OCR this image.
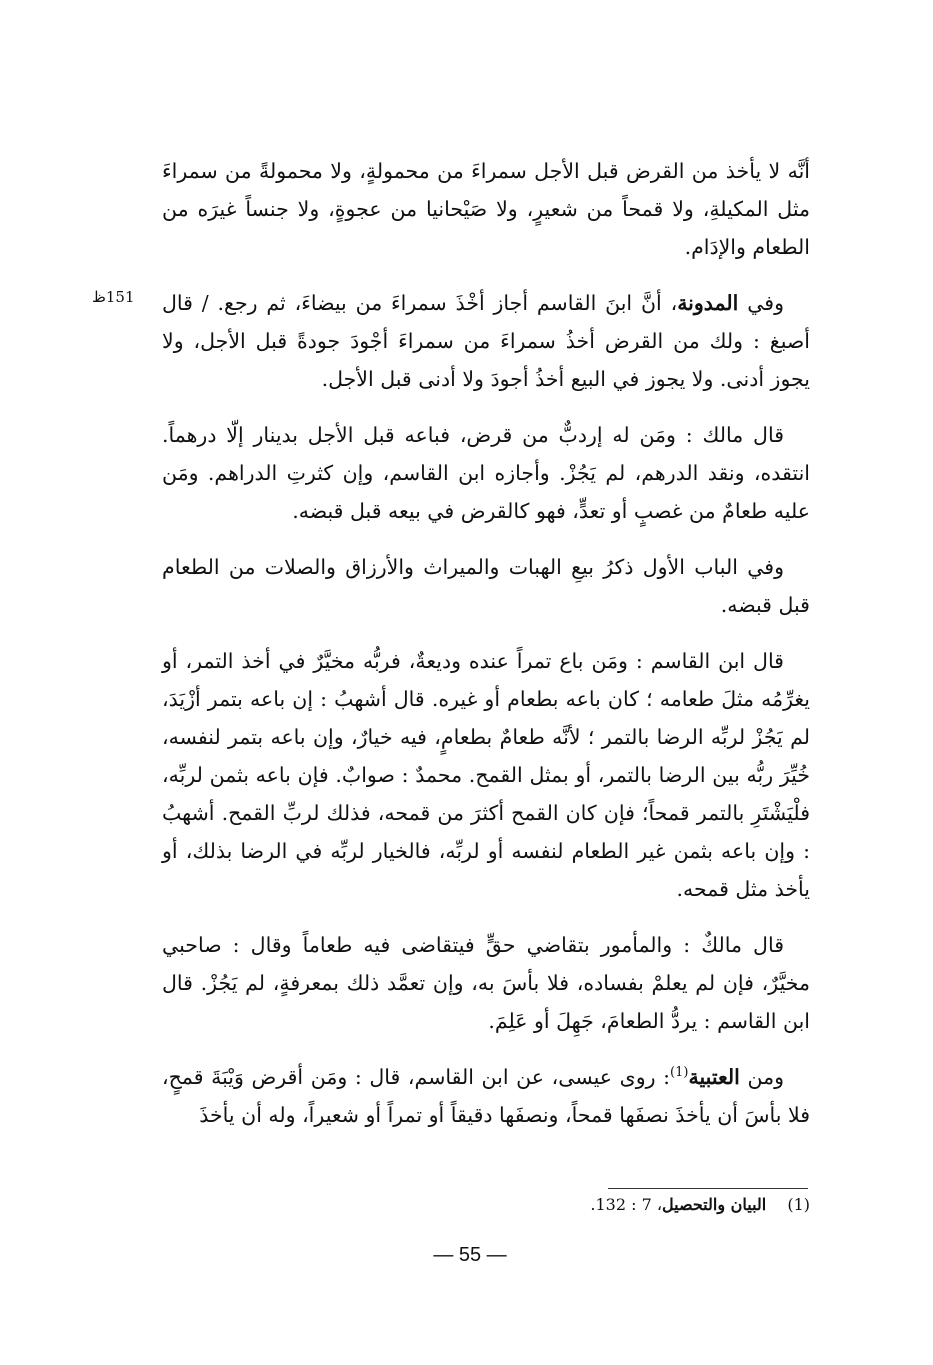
151ظ

أنَّه لا يأخذ من القرض قبل الأجل سمراءَ من محمولةٍ، ولا محمولةً من سمراءَ مثل المكيلةِ، ولا قمحاً من شعيرٍ، ولا صَيْحانيا من عجوةٍ، ولا جنساً غيرَه من الطعام والإدَام.

وفي المدونة، أنَّ ابنَ القاسم أجاز أخْذَ سمراءَ من بيضاءَ، ثم رجع. / قال أصبغ : ولك من القرض أخذُ سمراءَ من سمراءَ أجْودَ جودةً قبل الأجل، ولا يجوز أدنى. ولا يجوز في البيع أخذُ أجودَ ولا أدنى قبل الأجل.

قال مالك : ومَن له إردبٌّ من قرض، فباعه قبل الأجل بدينار إلّا درهماً. انتقده، ونقد الدرهم، لم يَجُزْ. وأجازه ابن القاسم، وإن كثرتِ الدراهم. ومَن عليه طعامٌ من غصبٍ أو تعدٍّ، فهو كالقرض في بيعه قبل قبضه.

وفي الباب الأول ذكرُ بيعِ الهبات والميراث والأرزاق والصلات من الطعام قبل قبضه.

قال ابن القاسم : ومَن باع تمراً عنده وديعةٌ، فربُّه مخيَّرٌ في أخذ التمر، أو يغرِّمُه مثلَ طعامه ؛ كان باعه بطعام أو غيره. قال أشهبُ : إن باعه بتمر أزْيَدَ، لم يَجُزْ لربِّه الرضا بالتمر ؛ لأنَّه طعامٌ بطعامٍ، فيه خيارٌ، وإن باعه بتمر لنفسه، خُيِّرَ ربُّه بين الرضا بالتمر، أو بمثل القمح. محمدٌ : صوابٌ. فإن باعه بثمن لربِّه، فلْيَشْتَرِ بالتمر قمحاً؛ فإن كان القمح أكثرَ من قمحه، فذلك لربِّ القمح. أشهبُ : وإن باعه بثمن غير الطعام لنفسه أو لربِّه، فالخيار لربِّه في الرضا بذلك، أو يأخذ مثل قمحه.

قال مالكٌ : والمأمور بتقاضي حقٍّ فيتقاضى فيه طعاماً وقال : صاحبي مخيَّرٌ، فإن لم يعلمْ بفساده، فلا بأسَ به، وإن تعمَّد ذلك بمعرفةٍ، لم يَجُزْ. قال ابن القاسم : يردُّ الطعامَ، جَهِلَ أو عَلِمَ.

ومن العتبية$^{(1)}$: روى عيسى، عن ابن القاسم، قال : ومَن أقرض وَيْبَةَ قمحٍ، فلا بأسَ أن يأخذَ نصفَها قمحاً، ونصفَها دقيقاً أو تمراً أو شعيراً، وله أن يأخذَ

(1) البيان والتحصيل، 7 : 132.
— 55 —
